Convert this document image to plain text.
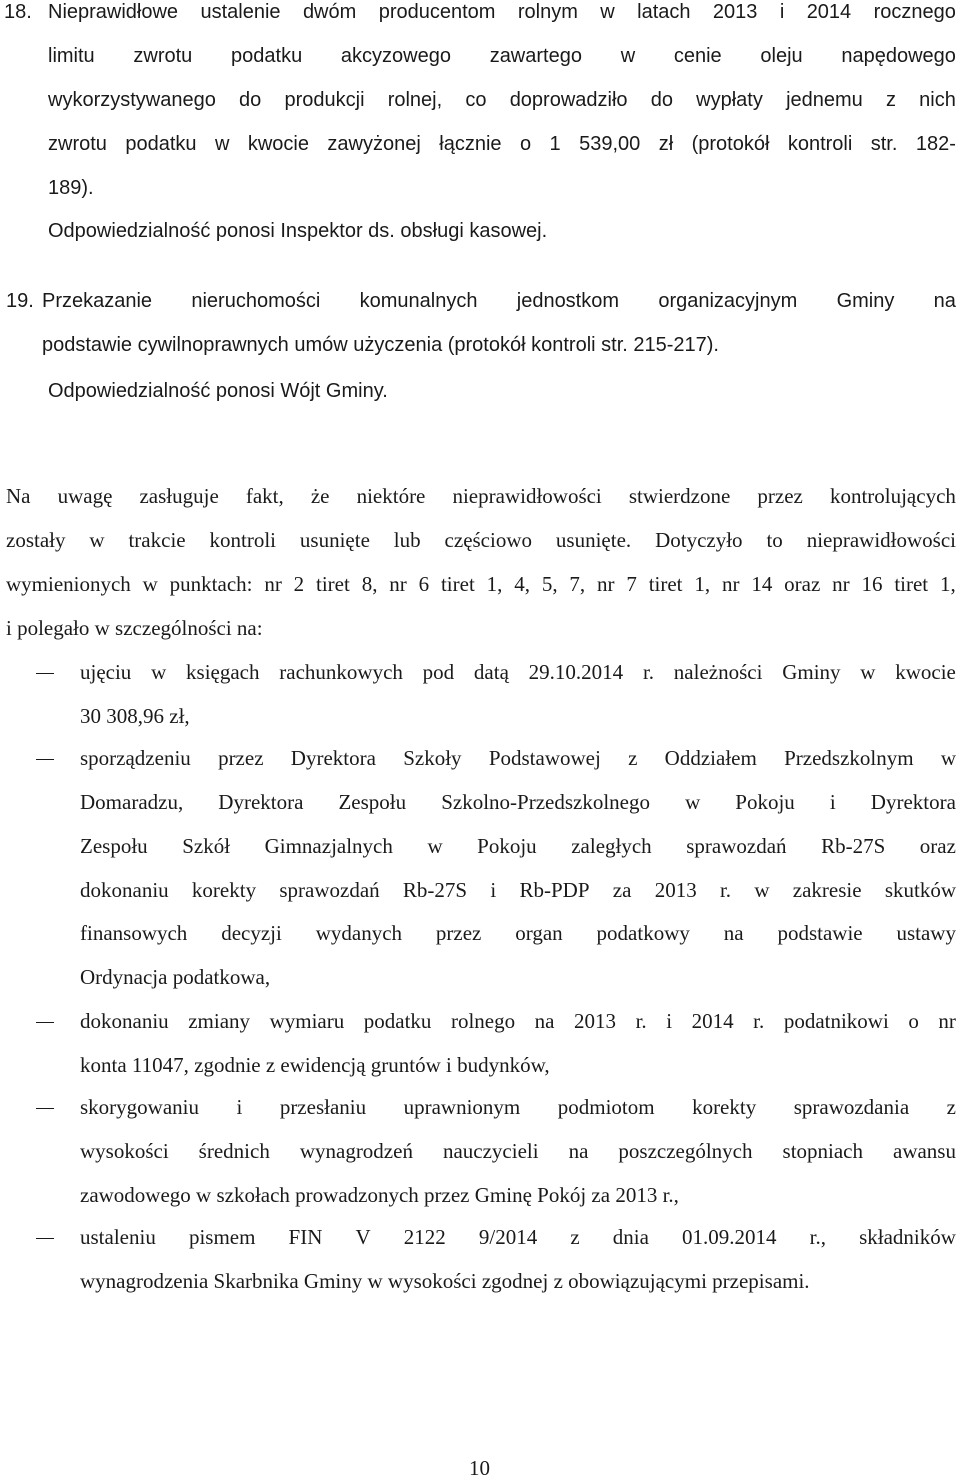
18. Nieprawidłowe ustalenie dwóm producentom rolnym w latach 2013 i 2014 rocznego
limitu zwrotu podatku akcyzowego zawartego w cenie oleju napędowego
wykorzystywanego do produkcji rolnej, co doprowadziło do wypłaty jednemu z nich
zwrotu podatku w kwocie zawyżonej łącznie o 1 539,00 zł (protokół kontroli str. 182-
189).
Odpowiedzialność ponosi Inspektor ds. obsługi kasowej.
19. Przekazanie nieruchomości komunalnych jednostkom organizacyjnym Gminy na
podstawie cywilnoprawnych umów użyczenia (protokół kontroli str. 215-217).
Odpowiedzialność ponosi Wójt Gminy.
Na uwagę zasługuje fakt, że niektóre nieprawidłowości stwierdzone przez kontrolujących
zostały w trakcie kontroli usunięte lub częściowo usunięte. Dotyczyło to nieprawidłowości
wymienionych w punktach: nr 2 tiret 8, nr 6 tiret 1, 4, 5, 7, nr 7 tiret 1, nr 14 oraz nr 16 tiret 1,
i polegało w szczególności na:
ujęciu w księgach rachunkowych pod datą 29.10.2014 r. należności Gminy w kwocie
30 308,96 zł,
sporządzeniu przez Dyrektora Szkoły Podstawowej z Oddziałem Przedszkolnym w
Domaradzu, Dyrektora Zespołu Szkolno-Przedszkolnego w Pokoju i Dyrektora
Zespołu Szkół Gimnazjalnych w Pokoju zaległych sprawozdań Rb-27S oraz
dokonaniu korekty sprawozdań Rb-27S i Rb-PDP za 2013 r. w zakresie skutków
finansowych decyzji wydanych przez organ podatkowy na podstawie ustawy
Ordynacja podatkowa,
dokonaniu zmiany wymiaru podatku rolnego na 2013 r. i 2014 r. podatnikowi o nr
konta 11047, zgodnie z ewidencją gruntów i budynków,
skorygowaniu i przesłaniu uprawnionym podmiotom korekty sprawozdania z
wysokości średnich wynagrodzeń nauczycieli na poszczególnych stopniach awansu
zawodowego w szkołach prowadzonych przez Gminę Pokój za 2013 r.,
ustaleniu pismem FIN V 2122 9/2014 z dnia 01.09.2014 r., składników
wynagrodzenia Skarbnika Gminy w wysokości zgodnej z obowiązującymi przepisami.
10
